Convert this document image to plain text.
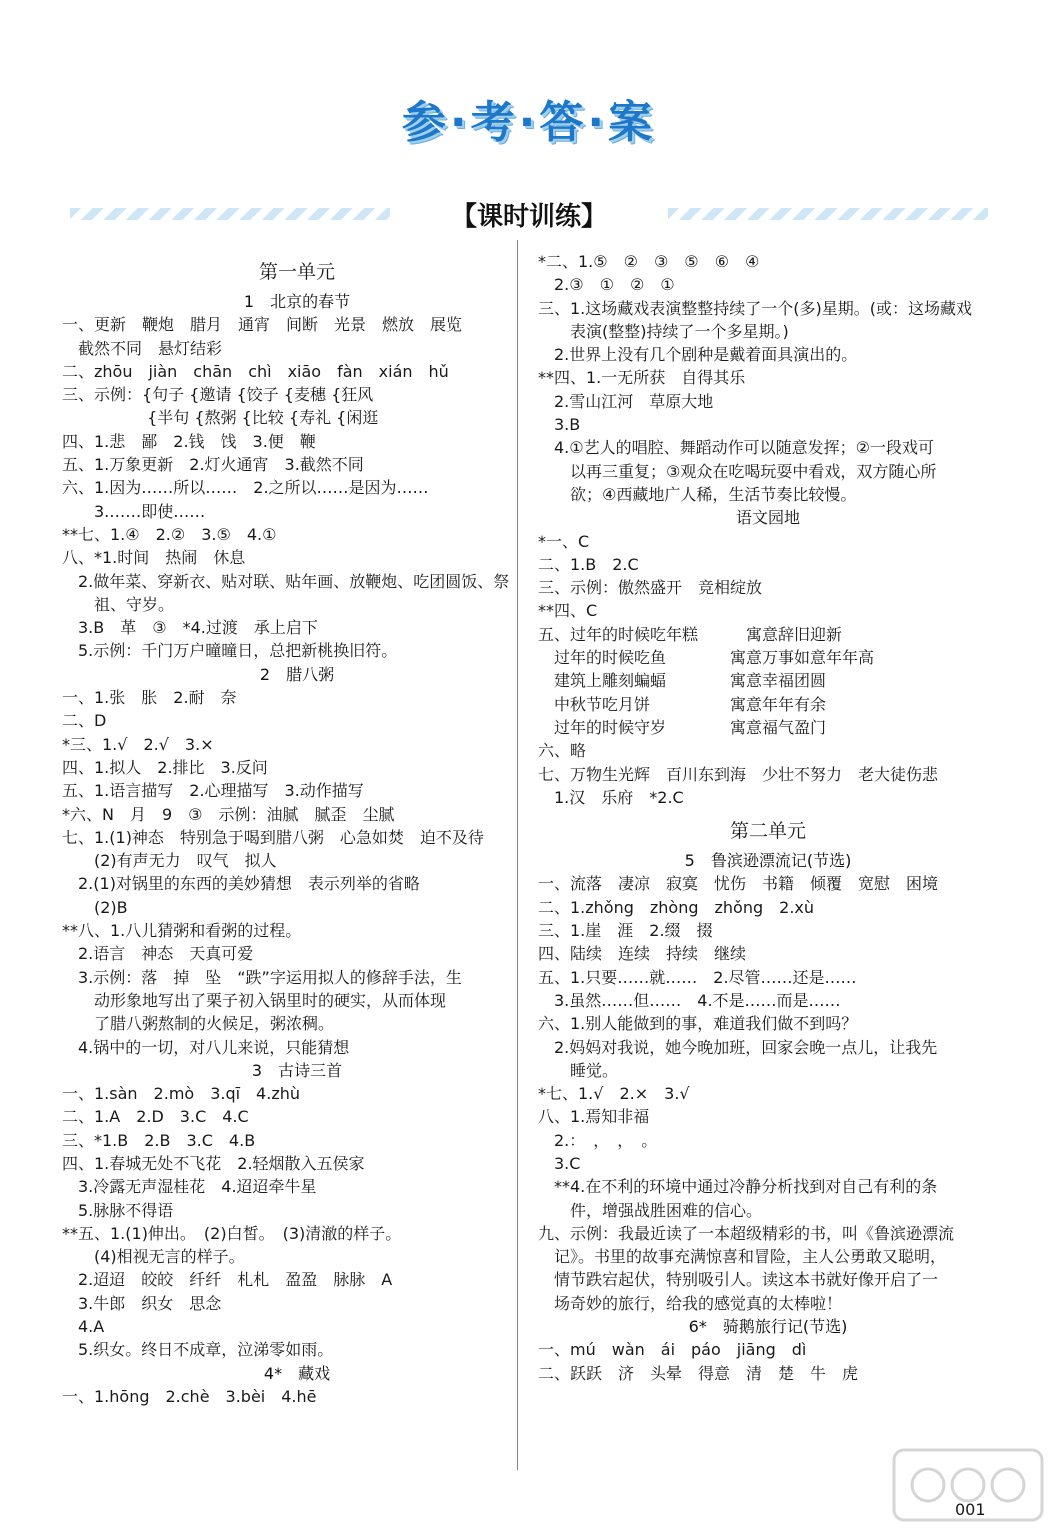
参·考·答·案
【课时训练】
第一单元
1　北京的春节
一、更新　鞭炮　腊月　通宵　间断　光景　燃放　展览
　截然不同　悬灯结彩
二、zhōu　jiàn　chān　chì　xiāo　fàn　xián　hǔ
三、示例：{句子 {邀请 {饺子 {麦穗 {狂风
　　　　　 {半句 {熬粥 {比较 {寿礼 {闲逛
四、1.悲　鄙　2.钱　饯　3.便　鞭
五、1.万象更新　2.灯火通宵　3.截然不同
六、1.因为……所以……　2.之所以……是因为……
　　3.……即使……
**七、1.④　2.②　3.⑤　4.①
八、*1.时间　热闹　休息
　2.做年菜、穿新衣、贴对联、贴年画、放鞭炮、吃团圆饭、祭
　　祖、守岁。
　3.B　革　③　*4.过渡　承上启下
　5.示例：千门万户曈曈日，总把新桃换旧符。
2　腊八粥
一、1.张　胀　2.耐　奈
二、D
*三、1.√　2.√　3.×
四、1.拟人　2.排比　3.反问
五、1.语言描写　2.心理描写　3.动作描写
*六、N　月　9　③　示例：油腻　腻歪　尘腻
七、1.(1)神态　特别急于喝到腊八粥　心急如焚　迫不及待
　　(2)有声无力　叹气　拟人
　2.(1)对锅里的东西的美妙猜想　表示列举的省略
　　(2)B
**八、1.八儿猜粥和看粥的过程。
　2.语言　神态　天真可爱
　3.示例：落　掉　坠　“跌”字运用拟人的修辞手法，生
　　动形象地写出了栗子初入锅里时的硬实，从而体现
　　了腊八粥熬制的火候足，粥浓稠。
　4.锅中的一切，对八儿来说，只能猜想
3　古诗三首
一、1.sàn　2.mò　3.qī　4.zhù
二、1.A　2.D　3.C　4.C
三、*1.B　2.B　3.C　4.B
四、1.春城无处不飞花　2.轻烟散入五侯家
　3.冷露无声湿桂花　4.迢迢牵牛星
　5.脉脉不得语
**五、1.(1)伸出。　(2)白皙。　(3)清澈的样子。
　　(4)相视无言的样子。
　2.迢迢　皎皎　纤纤　札札　盈盈　脉脉　A
　3.牛郎　织女　思念
　4.A
　5.织女。终日不成章，泣涕零如雨。
4*　藏戏
一、1.hōng　2.chè　3.bèi　4.hē
*二、1.⑤　②　③　⑤　⑥　④
　2.③　①　②　①
三、1.这场藏戏表演整整持续了一个(多)星期。(或：这场藏戏
　　表演(整整)持续了一个多星期。)
　2.世界上没有几个剧种是戴着面具演出的。
**四、1.一无所获　自得其乐
　2.雪山江河　草原大地
　3.B
　4.①艺人的唱腔、舞蹈动作可以随意发挥；②一段戏可
　　以再三重复；③观众在吃喝玩耍中看戏，双方随心所
　　欲；④西藏地广人稀，生活节奏比较慢。
语文园地
*一、C
二、1.B　2.C
三、示例：傲然盛开　竞相绽放
**四、C
五、过年的时候吃年糕　　　寓意辞旧迎新
　过年的时候吃鱼　　　　寓意万事如意年年高
　建筑上雕刻蝙蝠　　　　寓意幸福团圆
　中秋节吃月饼　　　　　寓意年年有余
　过年的时候守岁　　　　寓意福气盈门
六、略
七、万物生光辉　百川东到海　少壮不努力　老大徒伤悲
　1.汉　乐府　*2.C
第二单元
5　鲁滨逊漂流记(节选)
一、流落　凄凉　寂寞　忧伤　书籍　倾覆　宽慰　困境
二、1.zhǒng　zhòng　zhǒng　2.xù
三、1.崖　涯　2.缀　掇
四、陆续　连续　持续　继续
五、1.只要……就……　2.尽管……还是……
　3.虽然……但……　4.不是……而是……
六、1.别人能做到的事，难道我们做不到吗？
　2.妈妈对我说，她今晚加班，回家会晚一点儿，让我先
　　睡觉。
*七、1.√　2.×　3.√
八、1.焉知非福
　2.：　，　，　。
　3.C
　**4.在不利的环境中通过冷静分析找到对自己有利的条
　　件，增强战胜困难的信心。
九、示例：我最近读了一本超级精彩的书，叫《鲁滨逊漂流
　记》。书里的故事充满惊喜和冒险，主人公勇敢又聪明，
　情节跌宕起伏，特别吸引人。读这本书就好像开启了一
　场奇妙的旅行，给我的感觉真的太棒啦！
6*　骑鹅旅行记(节选)
一、mú　wàn　ái　páo　jiāng　dì
二、跃跃　济　头晕　得意　清　楚　牛　虎
001
